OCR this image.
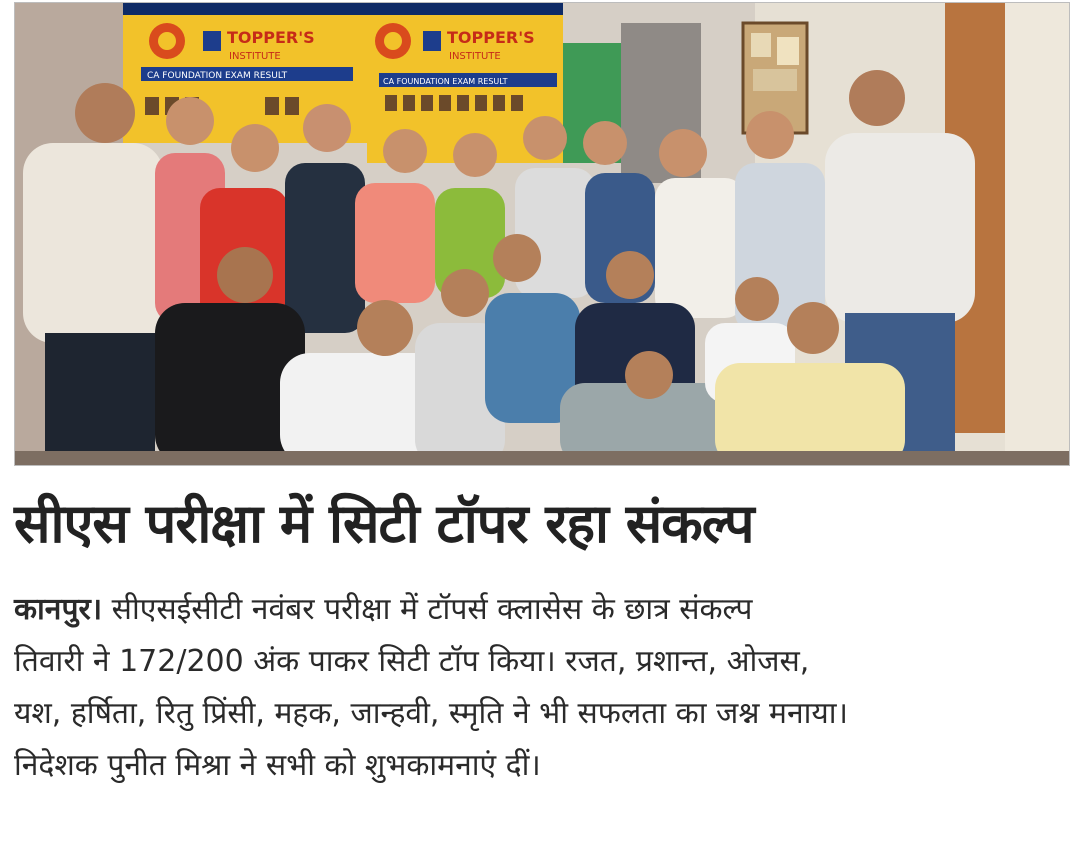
TOPPER'S
INSTITUTE
CA FOUNDATION EXAM RESULT
TOPPER'S
INSTITUTE
CA FOUNDATION EXAM RESULT
सीएस परीक्षा में सिटी टॉपर रहा संकल्प
कानपुर। सीएसईसीटी नवंबर परीक्षा में टॉपर्स क्लासेस के छात्र संकल्प
तिवारी ने 172/200 अंक पाकर सिटी टॉप किया। रजत, प्रशान्त, ओजस,
यश, हर्षिता, रितु प्रिंसी, महक, जान्हवी, स्मृति ने भी सफलता का जश्न मनाया।
निदेशक पुनीत मिश्रा ने सभी को शुभकामनाएं दीं।
